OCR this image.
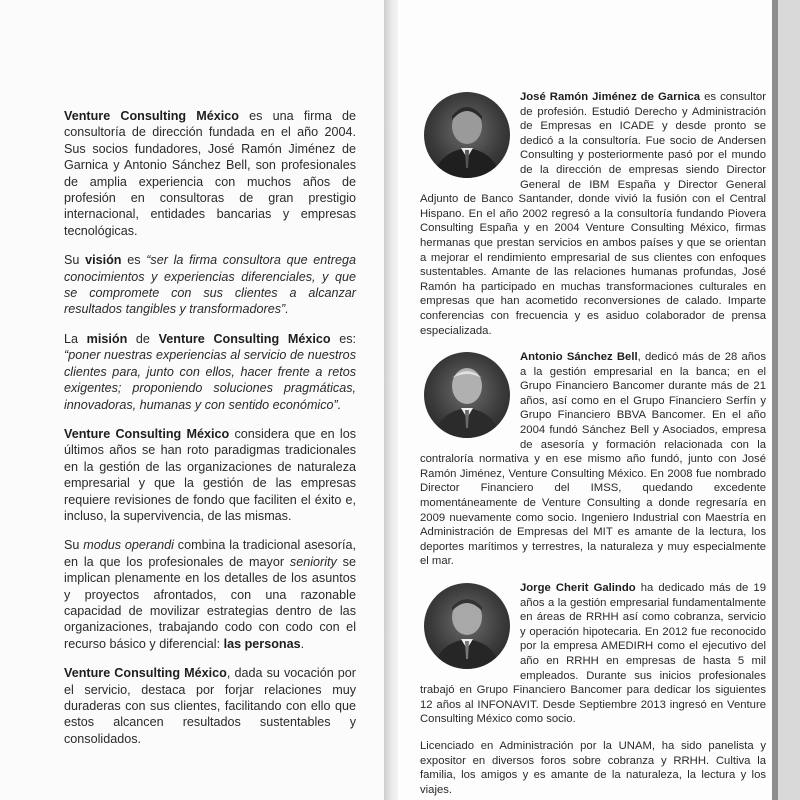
Venture Consulting México es una firma de consultoría de dirección fundada en el año 2004. Sus socios fundadores, José Ramón Jiménez de Garnica y Antonio Sánchez Bell, son profesionales de amplia experiencia con muchos años de profesión en consultoras de gran prestigio internacional, entidades bancarias y empresas tecnológicas.

Su visión es “ser la firma consultora que entrega conocimientos y experiencias diferenciales, y que se compromete con sus clientes a alcanzar resultados tangibles y transformadores”.

La misión de Venture Consulting México es: “poner nuestras experiencias al servicio de nuestros clientes para, junto con ellos, hacer frente a retos exigentes; proponiendo soluciones pragmáticas, innovadoras, humanas y con sentido económico”.

Venture Consulting México considera que en los últimos años se han roto paradigmas tradicionales en la gestión de las organizaciones de naturaleza empresarial y que la gestión de las empresas requiere revisiones de fondo que faciliten el éxito e, incluso, la supervivencia, de las mismas.

Su modus operandi combina la tradicional asesoría, en la que los profesionales de mayor seniority se implican plenamente en los detalles de los asuntos y proyectos afrontados, con una razonable capacidad de movilizar estrategias dentro de las organizaciones, trabajando codo con codo con el recurso básico y diferencial: las personas.

Venture Consulting México, dada su vocación por el servicio, destaca por forjar relaciones muy duraderas con sus clientes, facilitando con ello que estos alcancen resultados sustentables y consolidados.

José Ramón Jiménez de Garnica es consultor de profesión. Estudió Derecho y Administración de Empresas en ICADE y desde pronto se dedicó a la consultoría. Fue socio de Andersen Consulting y posteriormente pasó por el mundo de la dirección de empresas siendo Director General de IBM España y Director General Adjunto de Banco Santander, donde vivió la fusión con el Central Hispano. En el año 2002 regresó a la consultoría fundando Piovera Consulting España y en 2004 Venture Consulting México, firmas hermanas que prestan servicios en ambos países y que se orientan a mejorar el rendimiento empresarial de sus clientes con enfoques sustentables. Amante de las relaciones humanas profundas, José Ramón ha participado en muchas transformaciones culturales en empresas que han acometido reconversiones de calado. Imparte conferencias con frecuencia y es asiduo colaborador de prensa especializada.
Antonio Sánchez Bell, dedicó más de 28 años a la gestión empresarial en la banca; en el Grupo Financiero Bancomer durante más de 21 años, así como en el Grupo Financiero Serfín y Grupo Financiero BBVA Bancomer. En el año 2004 fundó Sánchez Bell y Asociados, empresa de asesoría y formación relacionada con la contraloría normativa y en ese mismo año fundó, junto con José Ramón Jiménez, Venture Consulting México. En 2008 fue nombrado Director Financiero del IMSS, quedando excedente momentáneamente de Venture Consulting a donde regresaría en 2009 nuevamente como socio. Ingeniero Industrial con Maestría en Administración de Empresas del MIT es amante de la lectura, los deportes marítimos y terrestres, la naturaleza y muy especialmente el mar.
Jorge Cherit Galindo ha dedicado más de 19 años a la gestión empresarial fundamentalmente en áreas de RRHH así como cobranza, servicio y operación hipotecaria. En 2012 fue reconocido por la empresa AMEDIRH como el ejecutivo del año en RRHH en empresas de hasta 5 mil empleados. Durante sus inicios profesionales trabajó en Grupo Financiero Bancomer para dedicar los siguientes 12 años al INFONAVIT. Desde Septiembre 2013 ingresó en Venture Consulting México como socio.
Licenciado en Administración por la UNAM, ha sido panelista y expositor en diversos foros sobre cobranza y RRHH. Cultiva la familia, los amigos y es amante de la naturaleza, la lectura y los viajes.
